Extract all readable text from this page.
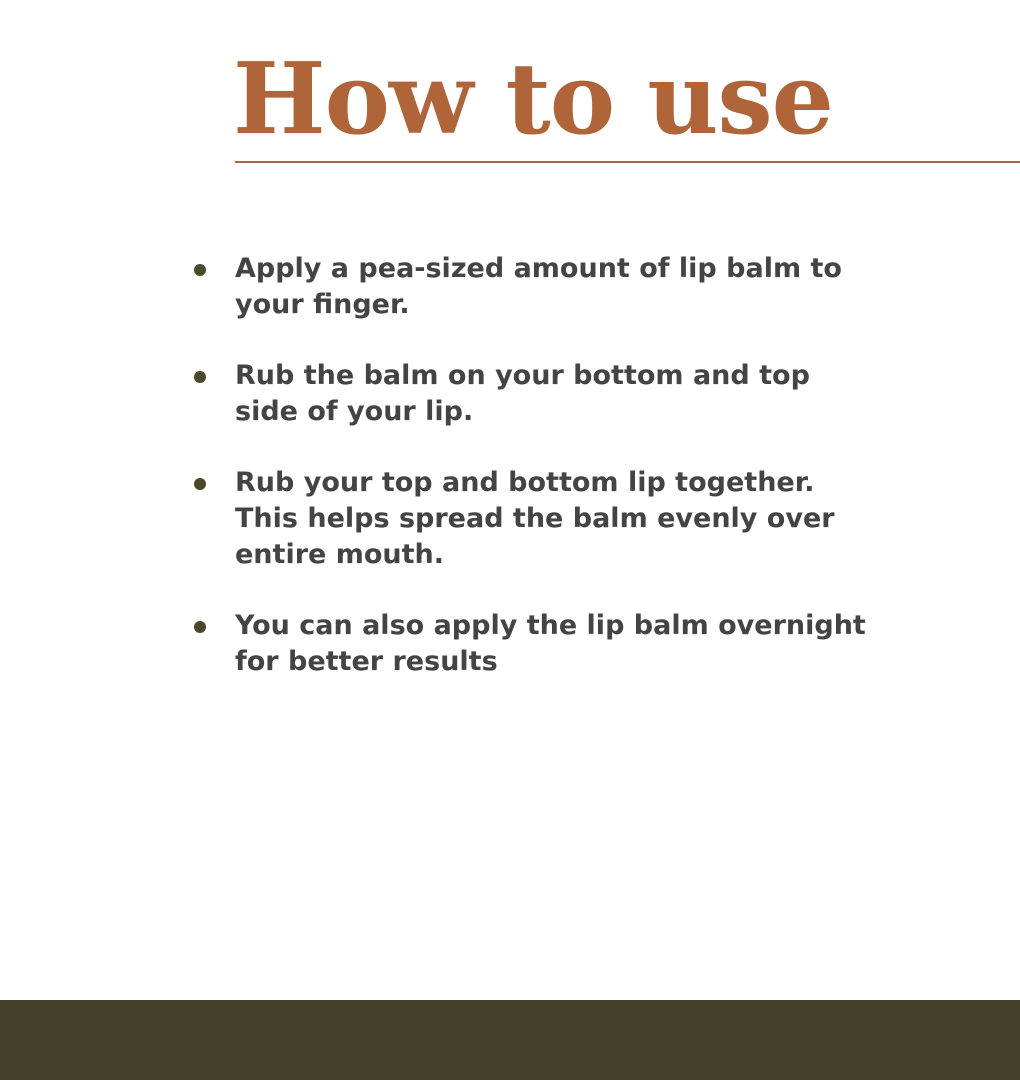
How to use
Apply a pea-sized amount of lip balm to your finger.
Rub the balm on your bottom and top side of your lip.
Rub your top and bottom lip together. This helps spread the balm evenly over entire mouth.
You can also apply the lip balm overnight for better results
